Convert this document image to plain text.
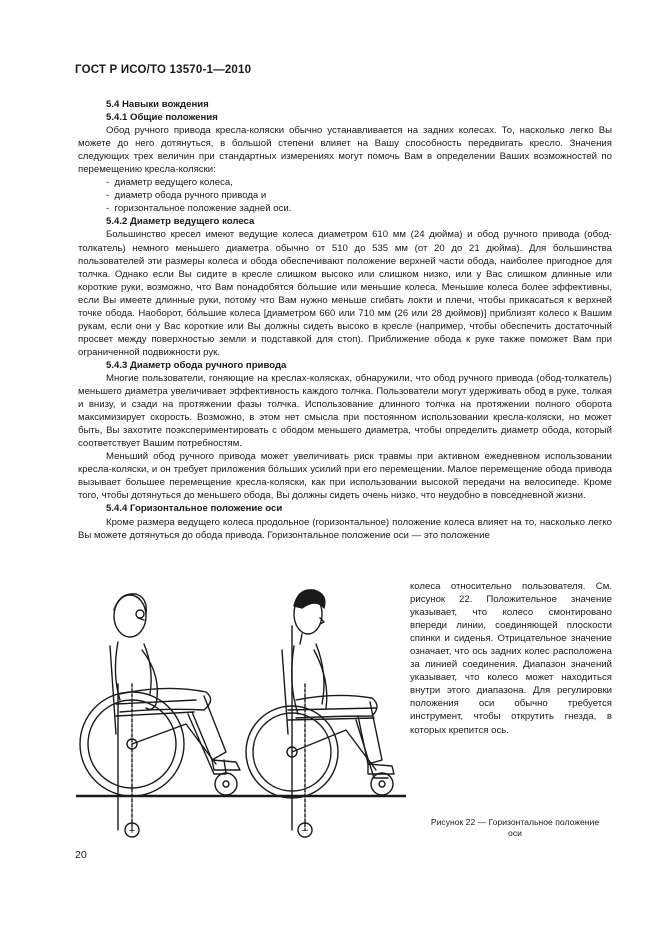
ГОСТ Р ИСО/ТО 13570-1—2010

5.4 Навыки вождения

5.4.1 Общие положения

Обод ручного привода кресла-коляски обычно устанавливается на задних колесах. То, насколько легко Вы можете до него дотянуться, в большой степени влияет на Вашу способность передвигать кресло. Значения следующих трех величин при стандартных измерениях могут помочь Вам в определении Ваших возможностей по перемещению кресла-коляски:

-  диаметр ведущего колеса,

-  диаметр обода ручного привода и

-  горизонтальное положение задней оси.

5.4.2 Диаметр ведущего колеса

Большинство кресел имеют ведущие колеса диаметром 610 мм (24 дюйма) и обод ручного привода (обод-толкатель) немного меньшего диаметра обычно от 510 до 535 мм (от 20 до 21 дюйма). Для большинства пользователей эти размеры колеса и обода обеспечивают положение верхней части обода, наиболее пригодное для толчка. Однако если Вы сидите в кресле слишком высоко или слишком низко, или у Вас слишком длинные или короткие руки, возможно, что Вам понадобятся бо́льшие или меньшие колеса. Меньшие колеса более эффективны, если Вы имеете длинные руки, потому что Вам нужно меньше сгибать локти и плечи, чтобы прикасаться к верхней точке обода. Наоборот, бо́льшие колеса [диаметром 660 или 710 мм (26 или 28 дюймов)] приблизят колесо к Вашим рукам, если они у Вас короткие или Вы должны сидеть высоко в кресле (например, чтобы обеспечить достаточный просвет между поверхностью земли и подставкой для стоп). Приближение обода к руке также поможет Вам при ограниченной подвижности рук.

5.4.3 Диаметр обода ручного привода

Многие пользователи, гоняющие на креслах-колясках, обнаружили, что обод ручного привода (обод-толкатель) меньшего диаметра увеличивает эффективность каждого толчка. Пользователи могут удерживать обод в руке, толкая и внизу, и сзади на протяжении фазы толчка. Использование длинного толчка на протяжении полного оборота максимизирует скорость. Возможно, в этом нет смысла при постоянном использовании кресла-коляски, но может быть, Вы захотите поэкспериментировать с ободом меньшего диаметра, чтобы определить диаметр обода, который соответствует Вашим потребностям.

Меньший обод ручного привода может увеличивать риск травмы при активном ежедневном использовании кресла-коляски, и он требует приложения бо́льших усилий при его перемещении. Малое перемещение обода привода вызывает большее перемещение кресла-коляски, как при использовании высокой передачи на велосипеде. Кроме того, чтобы дотянуться до меньшего обода, Вы должны сидеть очень низко, что неудобно в повседневной жизни.

5.4.4 Горизонтальное положение оси

Кроме размера ведущего колеса продольное (горизонтальное) положение колеса влияет на то, насколько легко Вы можете дотянуться до обода привода. Горизонтальное положение оси — это положение

колеса относительно пользователя. См. рисунок 22. Положительное значение указывает, что колесо смонтировано впереди линии, соединяющей плоскости спинки и сиденья. Отрицательное значение означает, что ось задних колес расположена за линией соединения. Диапазон значений указывает, что колесо может находиться внутри этого диапазона. Для регулировки положения оси обычно требуется инструмент, чтобы открутить гнезда, в которых крепится ось.
+	−
Рисунок 22 — Горизонтальное положение оси
20
